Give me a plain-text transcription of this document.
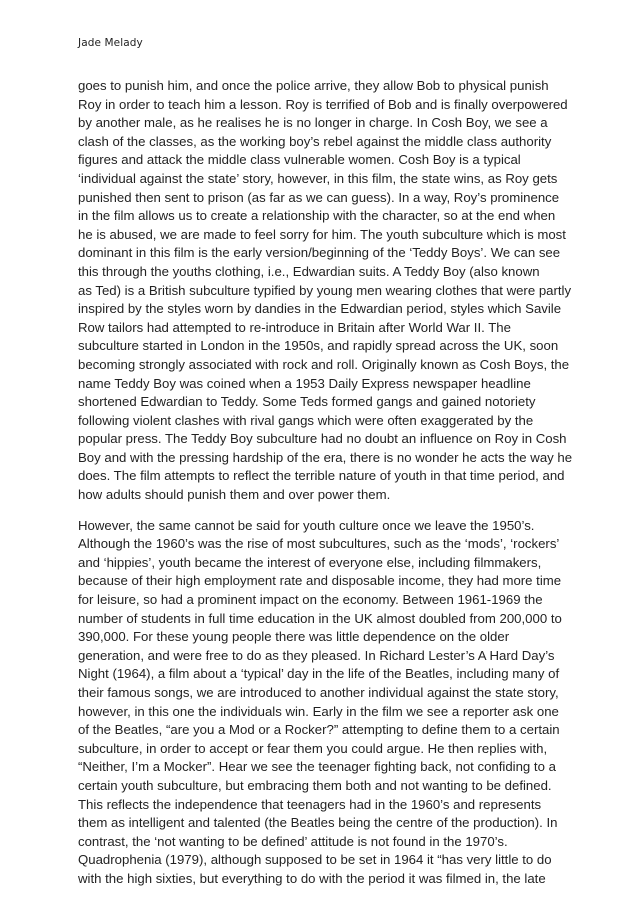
Jade Melady
goes to punish him, and once the police arrive, they allow Bob to physical punish
Roy in order to teach him a lesson. Roy is terrified of Bob and is finally overpowered
by another male, as he realises he is no longer in charge. In Cosh Boy, we see a
clash of the classes, as the working boy’s rebel against the middle class authority
figures and attack the middle class vulnerable women. Cosh Boy is a typical
‘individual against the state’ story, however, in this film, the state wins, as Roy gets
punished then sent to prison (as far as we can guess). In a way, Roy’s prominence
in the film allows us to create a relationship with the character, so at the end when
he is abused, we are made to feel sorry for him. The youth subculture which is most
dominant in this film is the early version/beginning of the ‘Teddy Boys’. We can see
this through the youths clothing, i.e., Edwardian suits. A Teddy Boy (also known
as Ted) is a British subculture typified by young men wearing clothes that were partly
inspired by the styles worn by dandies in the Edwardian period, styles which Savile
Row tailors had attempted to re-introduce in Britain after World War II. The
subculture started in London in the 1950s, and rapidly spread across the UK, soon
becoming strongly associated with rock and roll. Originally known as Cosh Boys, the
name Teddy Boy was coined when a 1953 Daily Express newspaper headline
shortened Edwardian to Teddy. Some Teds formed gangs and gained notoriety
following violent clashes with rival gangs which were often exaggerated by the
popular press. The Teddy Boy subculture had no doubt an influence on Roy in Cosh
Boy and with the pressing hardship of the era, there is no wonder he acts the way he
does. The film attempts to reflect the terrible nature of youth in that time period, and
how adults should punish them and over power them.
However, the same cannot be said for youth culture once we leave the 1950’s.
Although the 1960’s was the rise of most subcultures, such as the ‘mods’, ‘rockers’
and ‘hippies’, youth became the interest of everyone else, including filmmakers,
because of their high employment rate and disposable income, they had more time
for leisure, so had a prominent impact on the economy. Between 1961-1969 the
number of students in full time education in the UK almost doubled from 200,000 to
390,000. For these young people there was little dependence on the older
generation, and were free to do as they pleased. In Richard Lester’s A Hard Day’s
Night (1964), a film about a ‘typical’ day in the life of the Beatles, including many of
their famous songs, we are introduced to another individual against the state story,
however, in this one the individuals win. Early in the film we see a reporter ask one
of the Beatles, “are you a Mod or a Rocker?” attempting to define them to a certain
subculture, in order to accept or fear them you could argue. He then replies with,
“Neither, I’m a Mocker”. Hear we see the teenager fighting back, not confiding to a
certain youth subculture, but embracing them both and not wanting to be defined.
This reflects the independence that teenagers had in the 1960’s and represents
them as intelligent and talented (the Beatles being the centre of the production). In
contrast, the ‘not wanting to be defined’ attitude is not found in the 1970’s.
Quadrophenia (1979), although supposed to be set in 1964 it “has very little to do
with the high sixties, but everything to do with the period it was filmed in, the late
